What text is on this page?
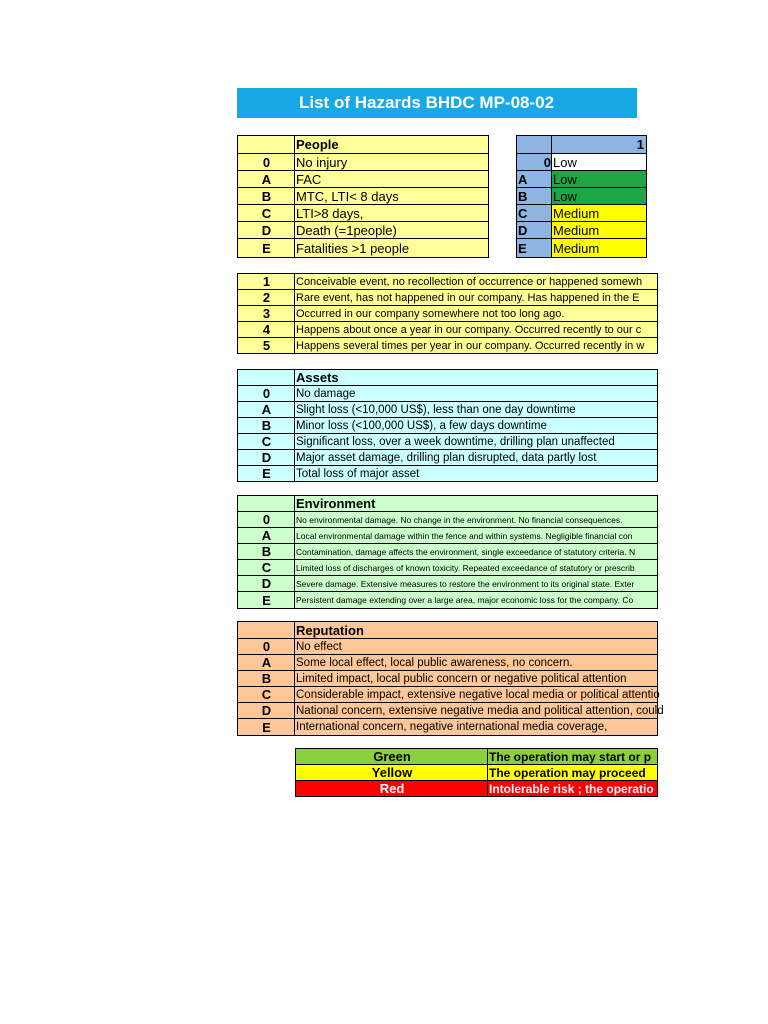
List of Hazards BHDC MP-08-02
	People
0	No injury
A	FAC
B	MTC, LTI< 8 days
C	LTI>8 days,
D	Death (=1people)
E	Fatalities >1 people
	1
0	Low
A	Low
B	Low
C	Medium
D	Medium
E	Medium
1	Conceivable event, no recollection of occurrence or happened somewh
2	Rare event, has not happened in our company. Has happened in the E
3	Occurred in our company somewhere not too long ago.
4	Happens about once a year in our company. Occurred recently to our c
5	Happens several times per year in our company. Occurred recently in w
	Assets
0	No damage
A	Slight loss (<10,000 US$), less than one day downtime
B	Minor loss (<100,000 US$), a few days downtime
C	Significant loss, over a week downtime, drilling plan unaffected
D	Major asset damage, drilling plan disrupted, data partly lost
E	Total loss of major asset
	Environment
0	No environmental damage. No change in the environment. No financial consequences.
A	Local environmental damage within the fence and within systems. Negligible financial con
B	Contamination, damage affects the environment, single exceedance of statutory criteria. N
C	Limited loss of discharges of known toxicity. Repeated exceedance of statutory or prescrib
D	Severe damage. Extensive measures to restore the environment to its original state. Exter
E	Persistent damage extending over a large area, major economic loss for the company. Co
	Reputation
0	No effect
A	Some local effect, local public awareness, no concern.
B	Limited impact, local public concern or negative political attention
C	Considerable impact, extensive negative local media or political attentio
D	National concern, extensive negative media and political attention, could
E	International concern, negative international media coverage,
Green	The operation may start or p
Yellow	The operation may proceed
Red	Intolerable risk ; the operatio
